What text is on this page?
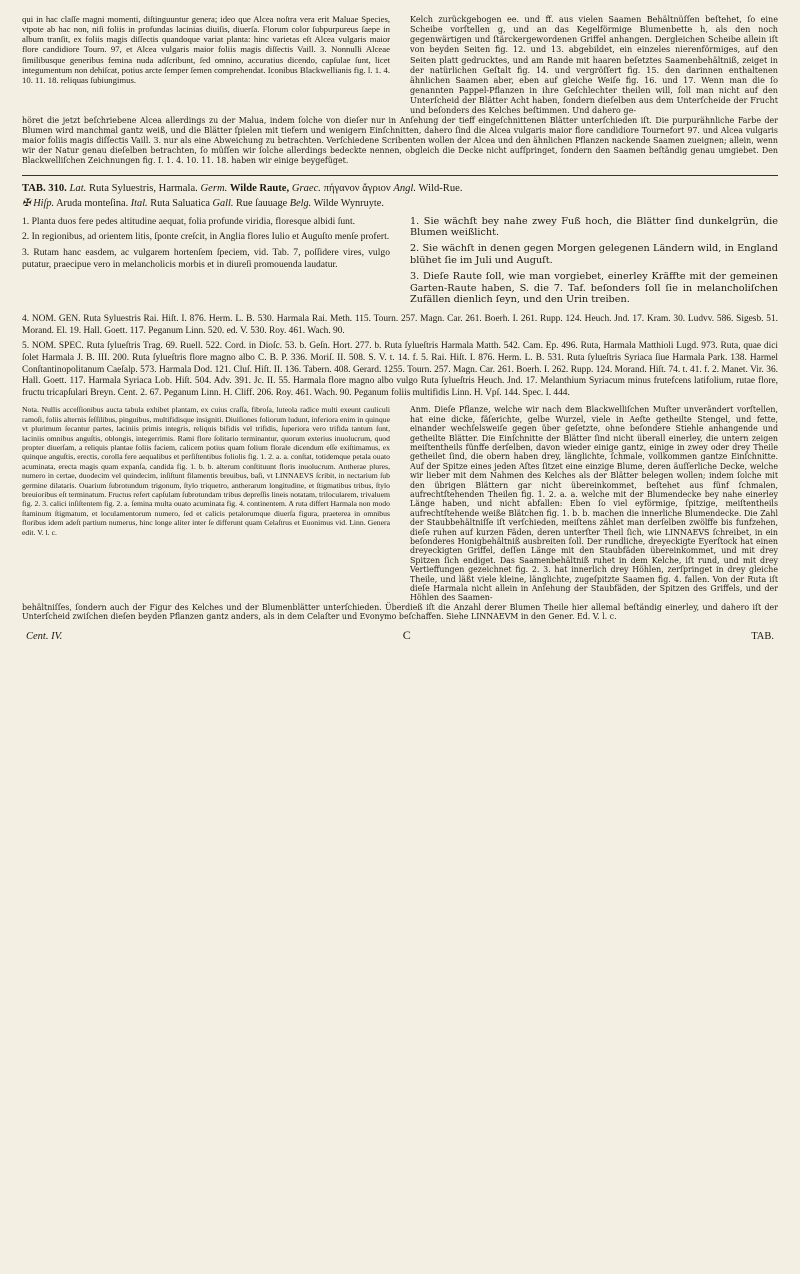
qui in hac claſſe magni momenti, diſtinguuntur genera; ideo que Alcea noſtra vera erit Maluae Species, vtpote ab hac non, niſi foliis in profundas lacinias diuiſis, diuerſa. Florum color ſubpurpureus ſaepe in album tranſit, ex foliis magis diſſectis quandoque variat planta: hinc varietas eſt Alcea vulgaris maior flore candidiore Tourn. 97, et Alcea vulgaris maior foliis magis diſſectis Vaill. 3. Nonnulli Alceae ſimilibusque generibus femina nuda adſcribunt, ſed omnino, accuratius dicendo, capſulae ſunt, licet integumentum non dehiſcat, potius arcte ſemper ſemen comprehendat. Iconibus Blackwellianis fig. l. 1. 4. 10. 11. 18. reliquas ſubiungimus.

Kelch zurückgebogen ee. und ff. aus vielen Saamen Behältnüſſen beſtehet, ſo eine Scheibe vorſtellen g, und an das Kegelförmige Blumenbette h, als den noch gegenwärtigen und ſtärckergewordenen Griffel anhangen. Dergleichen Scheibe allein iſt von beyden Seiten fig. 12. und 13. abgebildet, ein einzeles nierenförmiges, auf den Seiten platt gedrucktes, und am Rande mit haaren beſetztes Saamenbehältniß, zeiget in der natürlichen Geſtalt fig. 14. und vergröſſert fig. 15. den darinnen enthaltenen ähnlichen Saamen aber, eben auf gleiche Weiſe fig. 16. und 17. Wenn man die ſo genannten Pappel-Pflanzen in ihre Geſchlechter theilen will, ſoll man nicht auf den Unterſcheid der Blätter Acht haben, ſondern dieſelben aus dem Unterſcheide der Frucht und beſonders des Kelches beſtimmen. Und dahero ge-

höret die jetzt beſchriebene Alcea allerdings zu der Malua, indem ſolche von dieſer nur in Anſehung der tieff eingeſchnittenen Blätter unterſchieden iſt. Die purpurähnliche Farbe der Blumen wird manchmal gantz weiß, und die Blätter ſpielen mit tiefern und wenigern Einſchnitten, dahero ſind die Alcea vulgaris maior flore candidiore Tournefort 97. und Alcea vulgaris maior foliis magis diſſectis Vaill. 3. nur als eine Abweichung zu betrachten. Verſchiedene Scribenten wollen der Alcea und den ähnlichen Pflanzen nackende Saamen zueignen; allein, wenn wir der Natur genau dieſelben betrachten, ſo müſſen wir ſolche allerdings bedeckte nennen, obgleich die Decke nicht aufſpringet, ſondern den Saamen beſtändig genau umgiebet. Den Blackwelliſchen Zeichnungen fig. I. 1. 4. 10. 11. 18. haben wir einige beygefüget.

TAB. 310. Lat. Ruta Syluestris, Harmala. Germ. Wilde Raute, Graec. πήγανον ἄγριον Angl. Wild-Rue.

✠ Hiſp. Aruda monteſina. Ital. Ruta Saluatica Gall. Rue ſauuage Belg. Wilde Wynruyte.

1. Planta duos fere pedes altitudine aequat, folia profunde viridia, floresque albidi ſunt.

2. In regionibus, ad orientem litis, ſponte creſcit, in Anglia flores Iulio et Auguſto menſe profert.

3. Rutam hanc easdem, ac vulgarem hortenſem ſpeciem, vid. Tab. 7, poſſidere vires, vulgo putatur, praecipue vero in melancholicis morbis et in diureſi promouenda laudatur.

1. Sie wächſt bey nahe zwey Fuß hoch, die Blätter ſind dunkelgrün, die Blumen weißlicht.

2. Sie wächſt in denen gegen Morgen gelegenen Ländern wild, in England blühet ſie im Juli und Auguſt.

3. Dieſe Raute ſoll, wie man vorgiebet, einerley Kräffte mit der gemeinen Garten-Raute haben, S. die 7. Taf. beſonders ſoll ſie in melancholiſchen Zufällen dienlich ſeyn, und den Urin treiben.

4. NOM. GEN. Ruta Syluestris Rai. Hiſt. I. 876. Herm. L. B. 530. Harmala Rai. Meth. 115. Tourn. 257. Magn. Car. 261. Boerh. I. 261. Rupp. 124. Heuch. Jnd. 17. Kram. 30. Ludvv. 586. Sigesb. 51. Morand. El. 19. Hall. Goett. 117. Peganum Linn. 520. ed. V. 530. Roy. 461. Wach. 90.

5. NOM. SPEC. Ruta ſylueſtris Trag. 69. Ruell. 522. Cord. in Dioſc. 53. b. Geſn. Hort. 277. b. Ruta ſylueſtris Harmala Matth. 542. Cam. Ep. 496. Ruta, Harmala Matthioli Lugd. 973. Ruta, quae dici ſolet Harmala J. B. III. 200. Ruta ſylueſtris flore magno albo C. B. P. 336. Moriſ. II. 508. S. V. t. 14. f. 5. Rai. Hiſt. I. 876. Herm. L. B. 531. Ruta ſylueſtris Syriaca ſiue Harmala Park. 138. Harmel Conſtantinopolitanum Caeſalp. 573. Harmala Dod. 121. Cluſ. Hiſt. II. 136. Tabern. 408. Gerard. 1255. Tourn. 257. Magn. Car. 261. Boerh. I. 262. Rupp. 124. Morand. Hiſt. 74. t. 41. f. 2. Manet. Vir. 36. Hall. Goett. 117. Harmala Syriaca Lob. Hiſt. 504. Adv. 391. Jc. II. 55. Harmala flore magno albo vulgo Ruta ſylueſtris Heuch. Jnd. 17. Melanthium Syriacum minus frutefcens latifolium, rutae flore, fructu tricapſulari Breyn. Cent. 2. 67. Peganum Linn. H. Cliff. 206. Roy. 461. Wach. 90. Peganum foliis multifidis Linn. H. Vpſ. 144. Spec. I. 444.

Nota. Nullis acceſſionibus aucta tabula exhibet plantam, ex cuius craſſa, fibroſa, luteola radice multi exeunt cauliculi ramoſi, foliis alternis ſeſſilibus, pinguibus, multifidisque insigniti. Diuiſiones foliorum ludunt, inferiora enim in quinque vt plurimum ſecantur partes, laciniis primis integris, reliquis bifidis vel trifidis, ſuperiora vero trifida tantum ſunt, laciniis omnibus anguſtis, oblongis, integerrimis. Rami flore ſolitario terminantur, quorum exterius inuolucrum, quod propter diuerſam, a reliquis plantae foliis faciem, calicem potius quam folium florale dicendum eſſe exiſtimamus, ex quinque anguſtis, erectis, corolla fere aequalibus et perſiſtentibus foliolis fig. 1. 2. a. a. conſtat, totidemque petala ouato acuminata, erecta magis quam expanſa, candida fig. 1. b. b. alterum conſtituunt floris inuolucrum. Antherae plures, numero in certae, duodecim vel quindecim, inſiſtunt filamentis breuibus, baſi, vt LINNAEVS ſcribit, in nectarium ſub germine dilataris. Ouarium ſubrotundum trigonum, ſtylo triquetro, antherarum longitudine, et ſtigmatibus tribus, ſtylo breuioribus eſt terminatum. Fructus refert capſulam ſubrotundam tribus depreſſis lineis notatam, trilocularem, trivaluem fig. 2. 3. calici inſiſtentem fig. 2. a. ſemina multa ouato acuminata fig. 4. continentem. A ruta differt Harmala non modo ſtaminum ſtigmatum, et loculamentorum numero, ſed et calicis petalorumque diuerſa figura, praeterea in omnibus floribus idem adeſt partium numerus, hinc longe aliter inter ſe differunt quam Celaſtrus et Euonimus vid. Linn. Genera edit. V. l. c.

Anm. Dieſe Pflanze, welche wir nach dem Blackwelliſchen Muſter unverändert vorſtellen, hat eine dicke, fäſerichte, gelbe Wurzel, viele in Aeſte getheilte Stengel, und fette, einander wechſelsweiſe gegen über geſetzte, ohne beſondere Stiehle anhangende und getheilte Blätter. Die Einſchnitte der Blätter ſind nicht überall einerley, die untern zeigen meiſtentheils fünffe derſelben, davon wieder einige gantz, einige in zwey oder drey Theile getheilet ſind, die obern haben drey, länglichte, ſchmale, vollkommen gantze Einſchnitte. Auf der Spitze eines jeden Aſtes ſitzet eine einzige Blume, deren äuſſerliche Decke, welche wir lieber mit dem Nahmen des Kelches als der Blätter belegen wollen; indem ſolche mit den übrigen Blättern gar nicht übereinkommet, beſtehet aus fünf ſchmalen, aufrechtſtehenden Theilen fig. 1. 2. a. a. welche mit der Blumendecke bey nahe einerley Länge haben, und nicht abfallen: Eben ſo viel eyförmige, ſpitzige, meiſtentheils aufrechtſtehende weiße Blätchen fig. 1. b. b. machen die innerliche Blumendecke. Die Zahl der Staubbehältniſſe iſt verſchieden, meiſtens zählet man derſelben zwölffe bis funfzehen, dieſe ruhen auf kurzen Fäden, deren unterſter Theil ſich, wie LINNAEVS ſchreibet, in ein beſonderes Honigbehältniß ausbreiten ſoll. Der rundliche, dreyeckigte Eyerſtock hat einen dreyeckigten Griffel, deſſen Länge mit den Staubfäden übereinkommet, und mit drey Spitzen ſich endiget. Das Saamenbehältniß ruhet in dem Kelche, iſt rund, und mit drey Vertieffungen gezeichnet fig. 2. 3. hat innerlich drey Höhlen, zerſpringet in drey gleiche Theile, und läßt viele kleine, länglichte, zugeſpitzte Saamen fig. 4. fallen. Von der Ruta iſt dieſe Harmala nicht allein in Anſehung der Staubfäden, der Spitzen des Griffels, und der Höhlen des Saamen-

behältniſſes, ſondern auch der Figur des Kelches und der Blumenblätter unterſchieden. Überdieß iſt die Anzahl derer Blumen Theile hier allemal beſtändig einerley, und dahero iſt der Unterſcheid zwiſchen dieſen beyden Pflanzen gantz anders, als in dem Celaſter und Evonymo beſchaffen. Siehe LINNAEVM in den Gener. Ed. V. l. c.

Cent. IV.	C	TAB.
